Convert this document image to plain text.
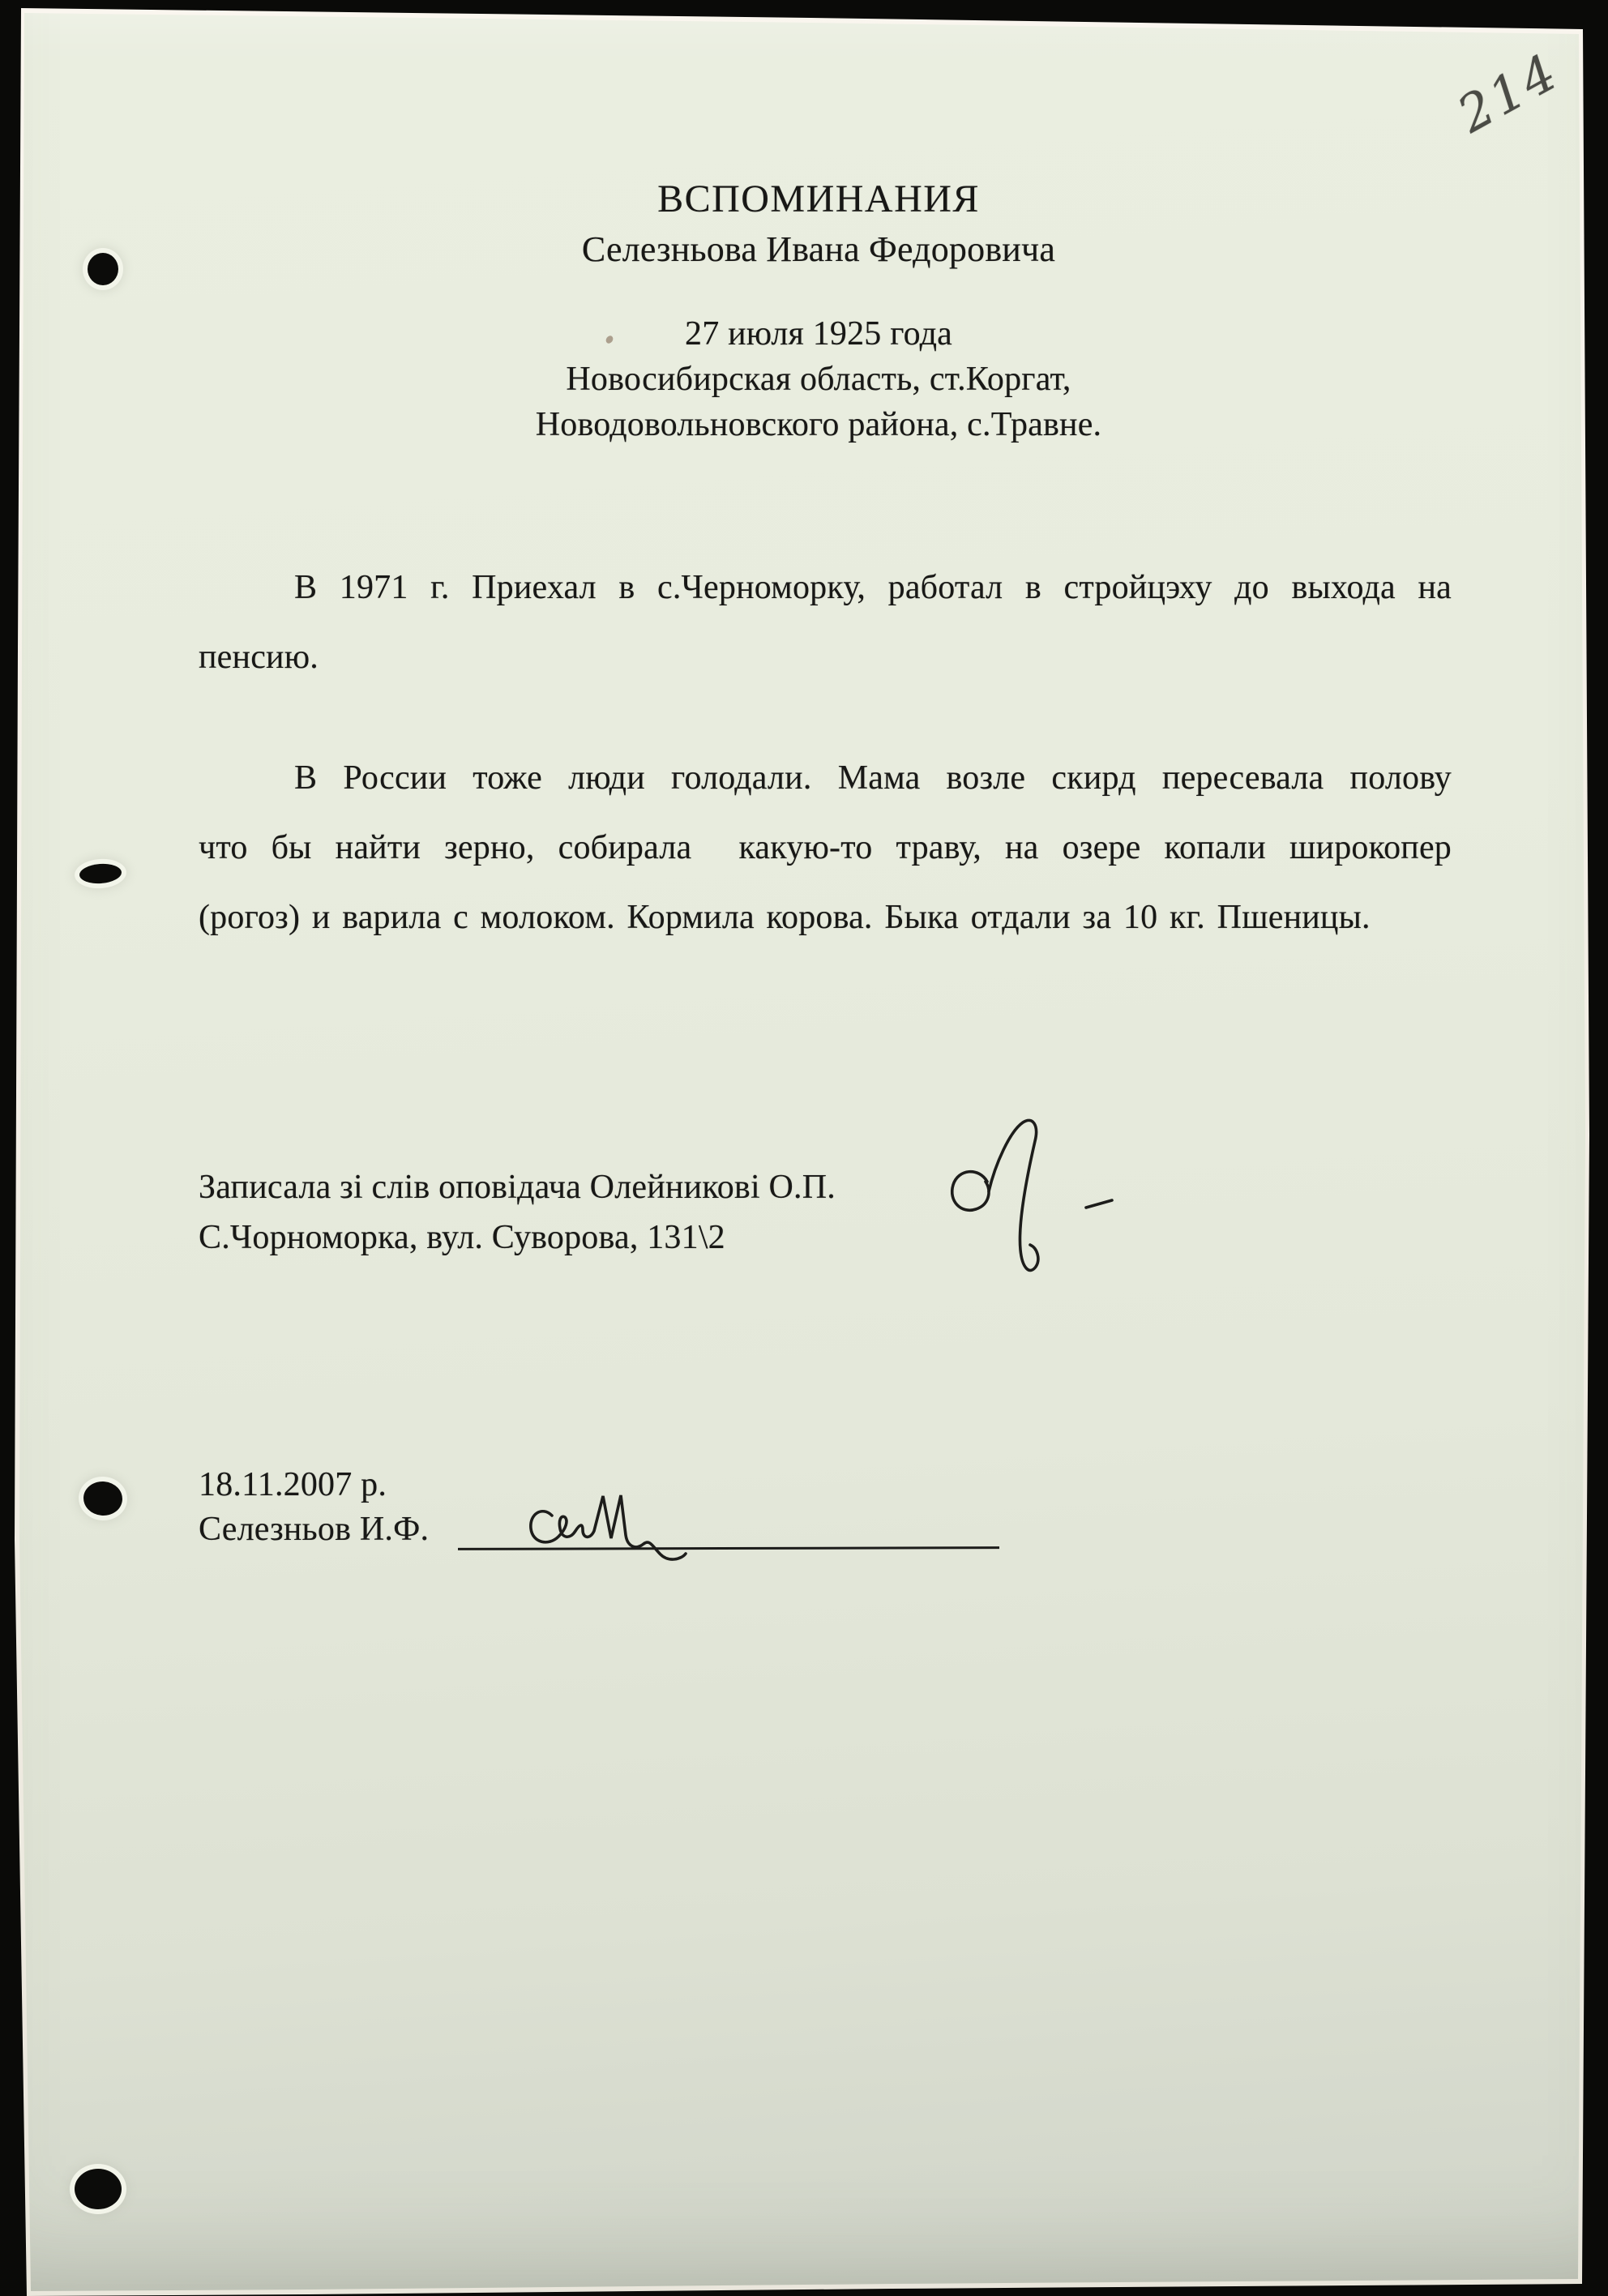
214
ВСПОМИНАНИЯ
Селезньова Ивана Федоровича
27 июля 1925 года
Новосибирская область, ст.Коргат,
Новодовольновского района, с.Травне.
В 1971 г. Приехал в с.Черноморку, работал в стройцэху до выхода на
пенсию.
В России тоже люди голодали. Мама возле скирд пересевала полову
что бы найти зерно, собирала  какую-то траву, на озере копали широкопер
(рогоз) и варила с молоком. Кормила корова. Быка отдали за 10 кг. Пшеницы.
Записала зі слів оповідача Олейникові О.П.
С.Чорноморка, вул. Суворова, 131\2
18.11.2007 р.
Селезньов И.Ф.
